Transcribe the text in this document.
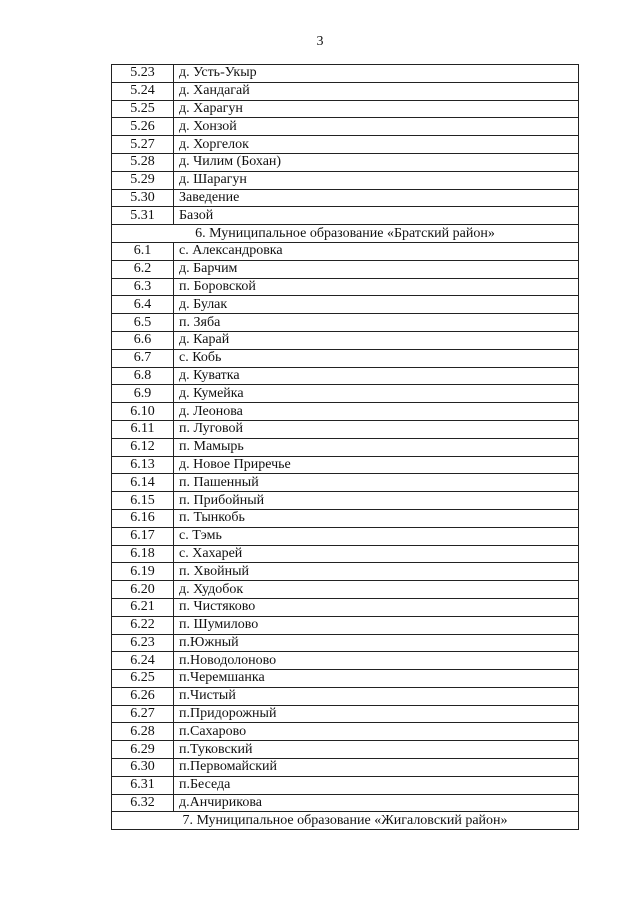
3
5.23	д. Усть-Укыр
5.24	д. Хандагай
5.25	д. Харагун
5.26	д. Хонзой
5.27	д. Хоргелок
5.28	д. Чилим (Бохан)
5.29	д. Шарагун
5.30	Заведение
5.31	Базой
6. Муниципальное образование «Братский район»	
6.1	с. Александровка
6.2	д. Барчим
6.3	п. Боровской
6.4	д. Булак
6.5	п. Зяба
6.6	д. Карай
6.7	с. Кобь
6.8	д. Куватка
6.9	д. Кумейка
6.10	д. Леонова
6.11	п. Луговой
6.12	п. Мамырь
6.13	д. Новое Приречье
6.14	п. Пашенный
6.15	п. Прибойный
6.16	п. Тынкобь
6.17	с. Тэмь
6.18	с. Хахарей
6.19	п. Хвойный
6.20	д. Худобок
6.21	п. Чистяково
6.22	п. Шумилово
6.23	п.Южный
6.24	п.Новодолоново
6.25	п.Черемшанка
6.26	п.Чистый
6.27	п.Придорожный
6.28	п.Сахарово
6.29	п.Туковский
6.30	п.Первомайский
6.31	п.Беседа
6.32	д.Анчирикова
7. Муниципальное образование «Жигаловский район»	
